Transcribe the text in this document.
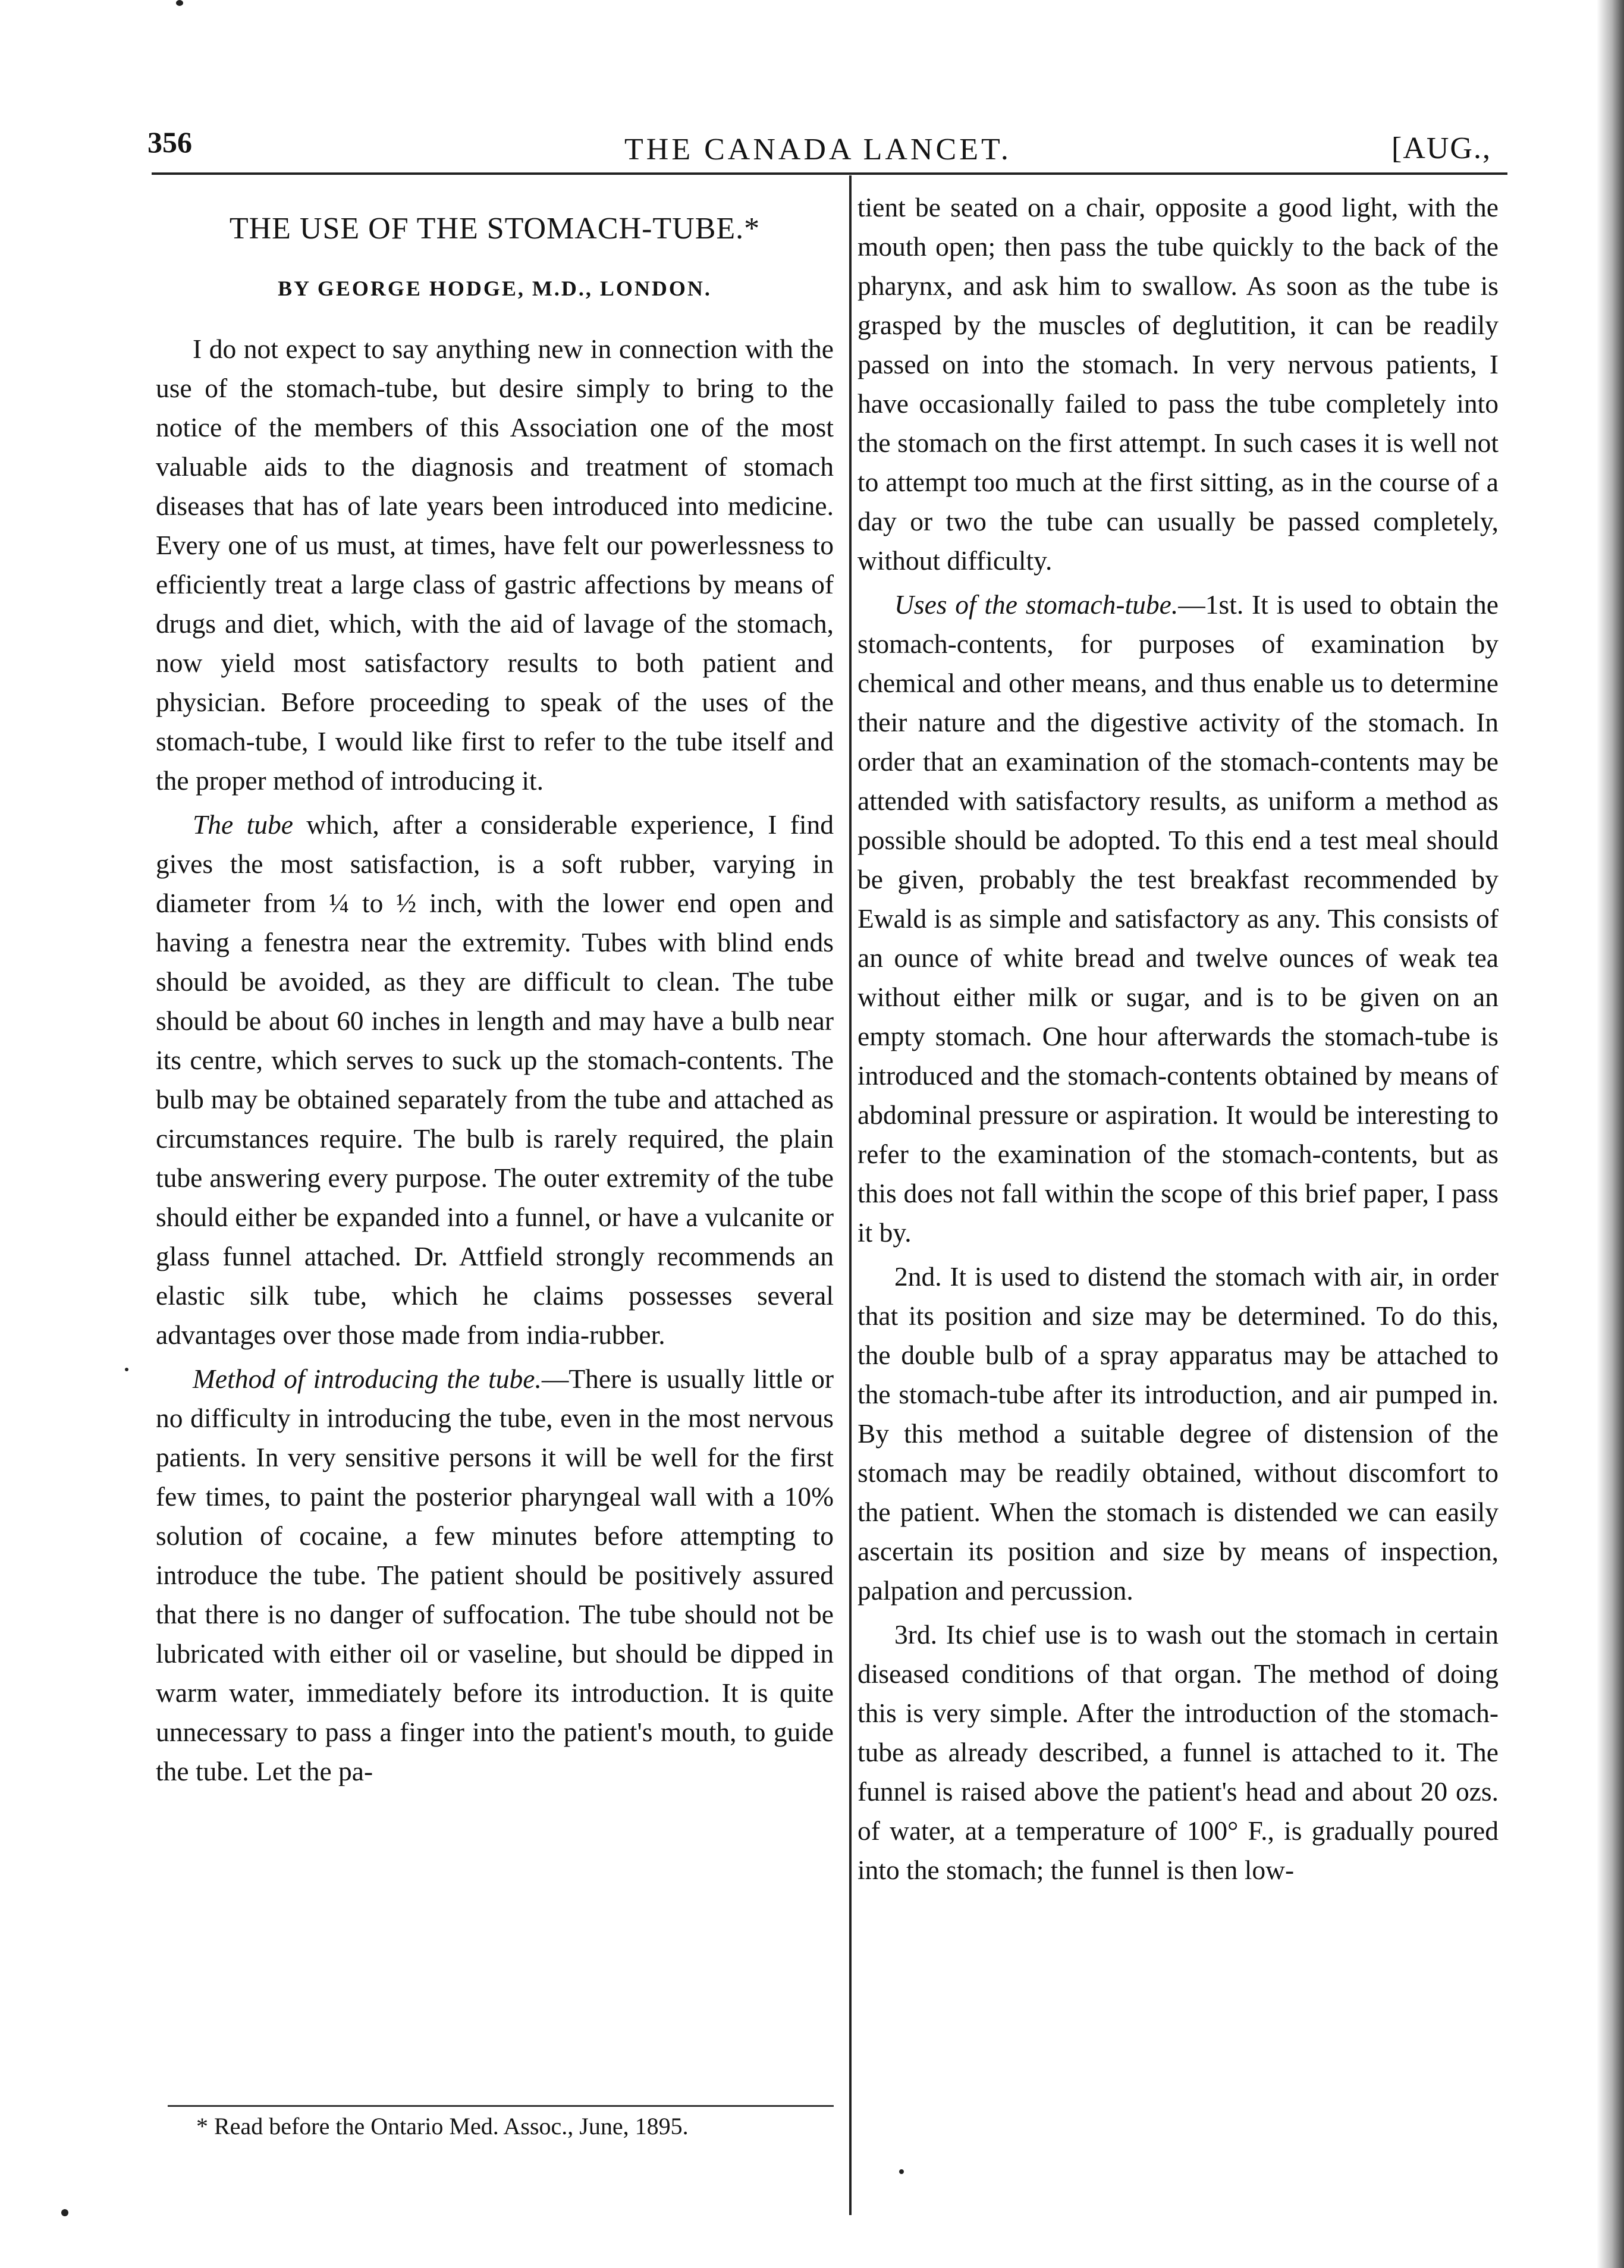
356	THE CANADA LANCET.	[AUG.,
THE USE OF THE STOMACH-TUBE.*
BY GEORGE HODGE, M.D., LONDON.

I do not expect to say anything new in connection with the use of the stomach-tube, but desire simply to bring to the notice of the members of this Association one of the most valuable aids to the diagnosis and treatment of stomach diseases that has of late years been introduced into medicine. Every one of us must, at times, have felt our powerlessness to efficiently treat a large class of gastric affections by means of drugs and diet, which, with the aid of lavage of the stomach, now yield most satisfactory results to both patient and physician. Before proceeding to speak of the uses of the stomach-tube, I would like first to refer to the tube itself and the proper method of introducing it.

The tube which, after a considerable experience, I find gives the most satisfaction, is a soft rubber, varying in diameter from ¼ to ½ inch, with the lower end open and having a fenestra near the extremity. Tubes with blind ends should be avoided, as they are difficult to clean. The tube should be about 60 inches in length and may have a bulb near its centre, which serves to suck up the stomach-contents. The bulb may be obtained separately from the tube and attached as circumstances require. The bulb is rarely required, the plain tube answering every purpose. The outer extremity of the tube should either be expanded into a funnel, or have a vulcanite or glass funnel attached. Dr. Attfield strongly recommends an elastic silk tube, which he claims possesses several advantages over those made from india-rubber.

Method of introducing the tube.—There is usually little or no difficulty in introducing the tube, even in the most nervous patients. In very sensitive persons it will be well for the first few times, to paint the posterior pharyngeal wall with a 10% solution of cocaine, a few minutes before attempting to introduce the tube. The patient should be positively assured that there is no danger of suffocation. The tube should not be lubricated with either oil or vaseline, but should be dipped in warm water, immediately before its introduction. It is quite unnecessary to pass a finger into the patient's mouth, to guide the tube. Let the pa-

* Read before the Ontario Med. Assoc., June, 1895.

tient be seated on a chair, opposite a good light, with the mouth open; then pass the tube quickly to the back of the pharynx, and ask him to swallow. As soon as the tube is grasped by the muscles of deglutition, it can be readily passed on into the stomach. In very nervous patients, I have occasionally failed to pass the tube completely into the stomach on the first attempt. In such cases it is well not to attempt too much at the first sitting, as in the course of a day or two the tube can usually be passed completely, without difficulty.

Uses of the stomach-tube.—1st. It is used to obtain the stomach-contents, for purposes of examination by chemical and other means, and thus enable us to determine their nature and the digestive activity of the stomach. In order that an examination of the stomach-contents may be attended with satisfactory results, as uniform a method as possible should be adopted. To this end a test meal should be given, probably the test breakfast recommended by Ewald is as simple and satisfactory as any. This consists of an ounce of white bread and twelve ounces of weak tea without either milk or sugar, and is to be given on an empty stomach. One hour afterwards the stomach-tube is introduced and the stomach-contents obtained by means of abdominal pressure or aspiration. It would be interesting to refer to the examination of the stomach-contents, but as this does not fall within the scope of this brief paper, I pass it by.

2nd. It is used to distend the stomach with air, in order that its position and size may be determined. To do this, the double bulb of a spray apparatus may be attached to the stomach-tube after its introduction, and air pumped in. By this method a suitable degree of distension of the stomach may be readily obtained, without discomfort to the patient. When the stomach is distended we can easily ascertain its position and size by means of inspection, palpation and percussion.

3rd. Its chief use is to wash out the stomach in certain diseased conditions of that organ. The method of doing this is very simple. After the introduction of the stomach-tube as already described, a funnel is attached to it. The funnel is raised above the patient's head and about 20 ozs. of water, at a temperature of 100° F., is gradually poured into the stomach; the funnel is then low-
